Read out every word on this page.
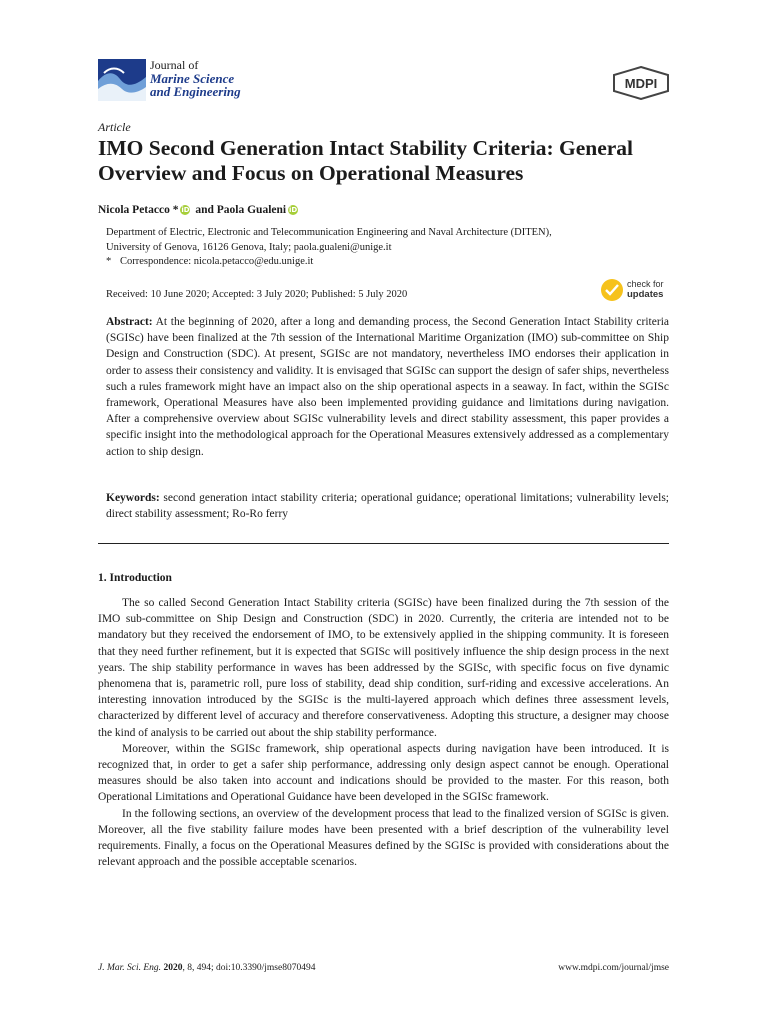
Journal of
Marine Science
and Engineering
MDPI
Article
IMO Second Generation Intact Stability Criteria: General Overview and Focus on Operational Measures
Nicola Petacco * iD and Paola Gualeni iD
Department of Electric, Electronic and Telecommunication Engineering and Naval Architecture (DITEN),
University of Genova, 16126 Genova, Italy; paola.gualeni@unige.it
* Correspondence: nicola.petacco@edu.unige.it
check for
updates
Received: 10 June 2020; Accepted: 3 July 2020; Published: 5 July 2020

Abstract: At the beginning of 2020, after a long and demanding process, the Second Generation Intact Stability criteria (SGISc) have been finalized at the 7th session of the International Maritime Organization (IMO) sub-committee on Ship Design and Construction (SDC). At present, SGISc are not mandatory, nevertheless IMO endorses their application in order to assess their consistency and validity. It is envisaged that SGISc can support the design of safer ships, nevertheless such a rules framework might have an impact also on the ship operational aspects in a seaway. In fact, within the SGISc framework, Operational Measures have also been implemented providing guidance and limitations during navigation. After a comprehensive overview about SGISc vulnerability levels and direct stability assessment, this paper provides a specific insight into the methodological approach for the Operational Measures extensively addressed as a complementary action to ship design.

Keywords: second generation intact stability criteria; operational guidance; operational limitations; vulnerability levels; direct stability assessment; Ro-Ro ferry

1. Introduction

The so called Second Generation Intact Stability criteria (SGISc) have been finalized during the 7th session of the IMO sub-committee on Ship Design and Construction (SDC) in 2020. Currently, the criteria are intended not to be mandatory but they received the endorsement of IMO, to be extensively applied in the shipping community. It is foreseen that they need further refinement, but it is expected that SGISc will positively influence the ship design process in the next years. The ship stability performance in waves has been addressed by the SGISc, with specific focus on five dynamic phenomena that is, parametric roll, pure loss of stability, dead ship condition, surf-riding and excessive accelerations. An interesting innovation introduced by the SGISc is the multi-layered approach which defines three assessment levels, characterized by different level of accuracy and therefore conservativeness. Adopting this structure, a designer may choose the kind of analysis to be carried out about the ship stability performance.

Moreover, within the SGISc framework, ship operational aspects during navigation have been introduced. It is recognized that, in order to get a safer ship performance, addressing only design aspect cannot be enough. Operational measures should be also taken into account and indications should be provided to the master. For this reason, both Operational Limitations and Operational Guidance have been developed in the SGISc framework.

In the following sections, an overview of the development process that lead to the finalized version of SGISc is given. Moreover, all the five stability failure modes have been presented with a brief description of the vulnerability level requirements. Finally, a focus on the Operational Measures defined by the SGISc is provided with considerations about the relevant approach and the possible acceptable scenarios.

J. Mar. Sci. Eng. 2020, 8, 494; doi:10.3390/jmse8070494	www.mdpi.com/journal/jmse
